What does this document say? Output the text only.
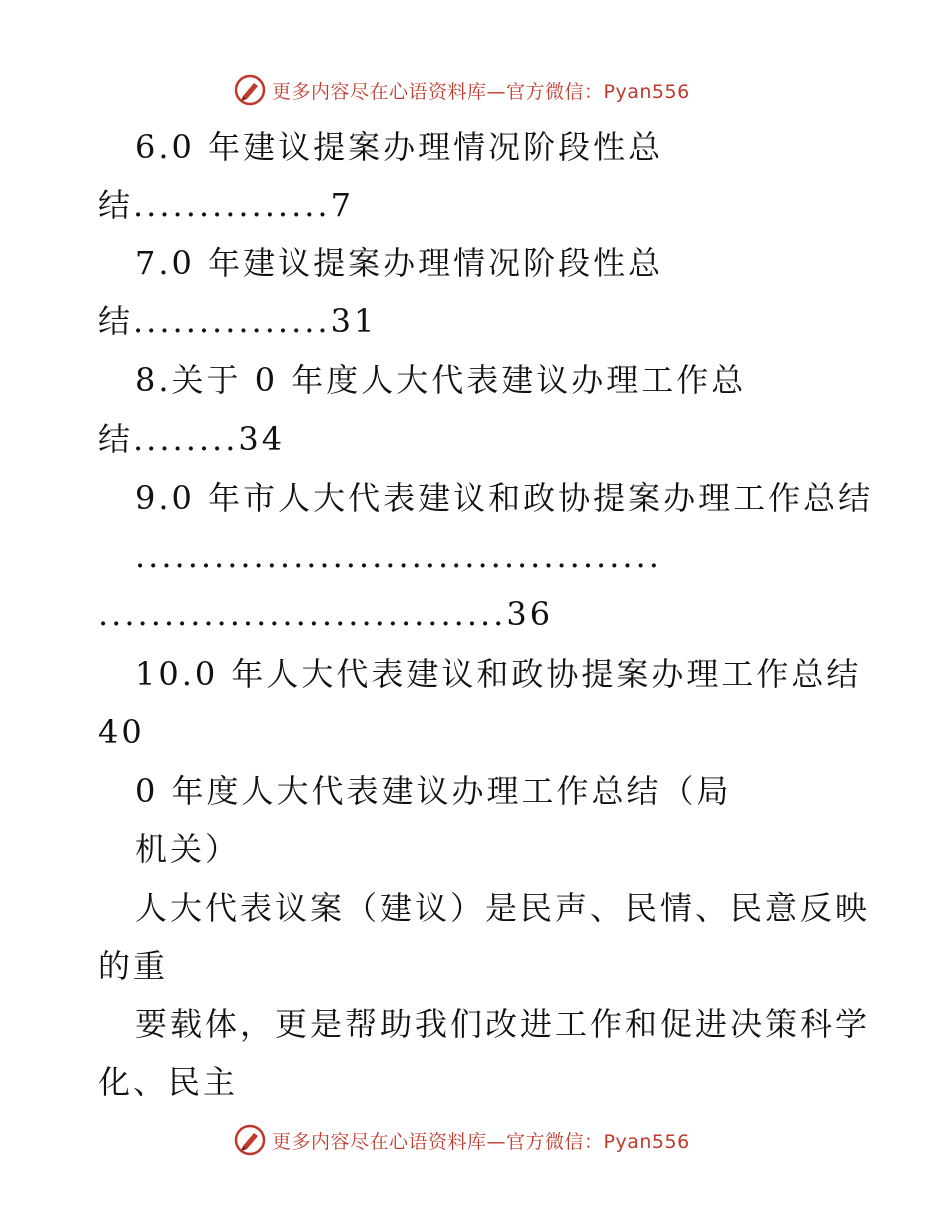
更多内容尽在心语资料库—官方微信：Pyan556
6.0 年建议提案办理情况阶段性总
结...............7
7.0 年建议提案办理情况阶段性总
结...............31
8.关于 0 年度人大代表建议办理工作总
结........34
9.0 年市人大代表建议和政协提案办理工作总结
........................................
...............................36
10.0 年人大代表建议和政协提案办理工作总结
40
0 年度人大代表建议办理工作总结（局
机关）
人大代表议案（建议）是民声、民情、民意反映
的重
要载体，更是帮助我们改进工作和促进决策科学
化、民主
更多内容尽在心语资料库—官方微信：Pyan556
